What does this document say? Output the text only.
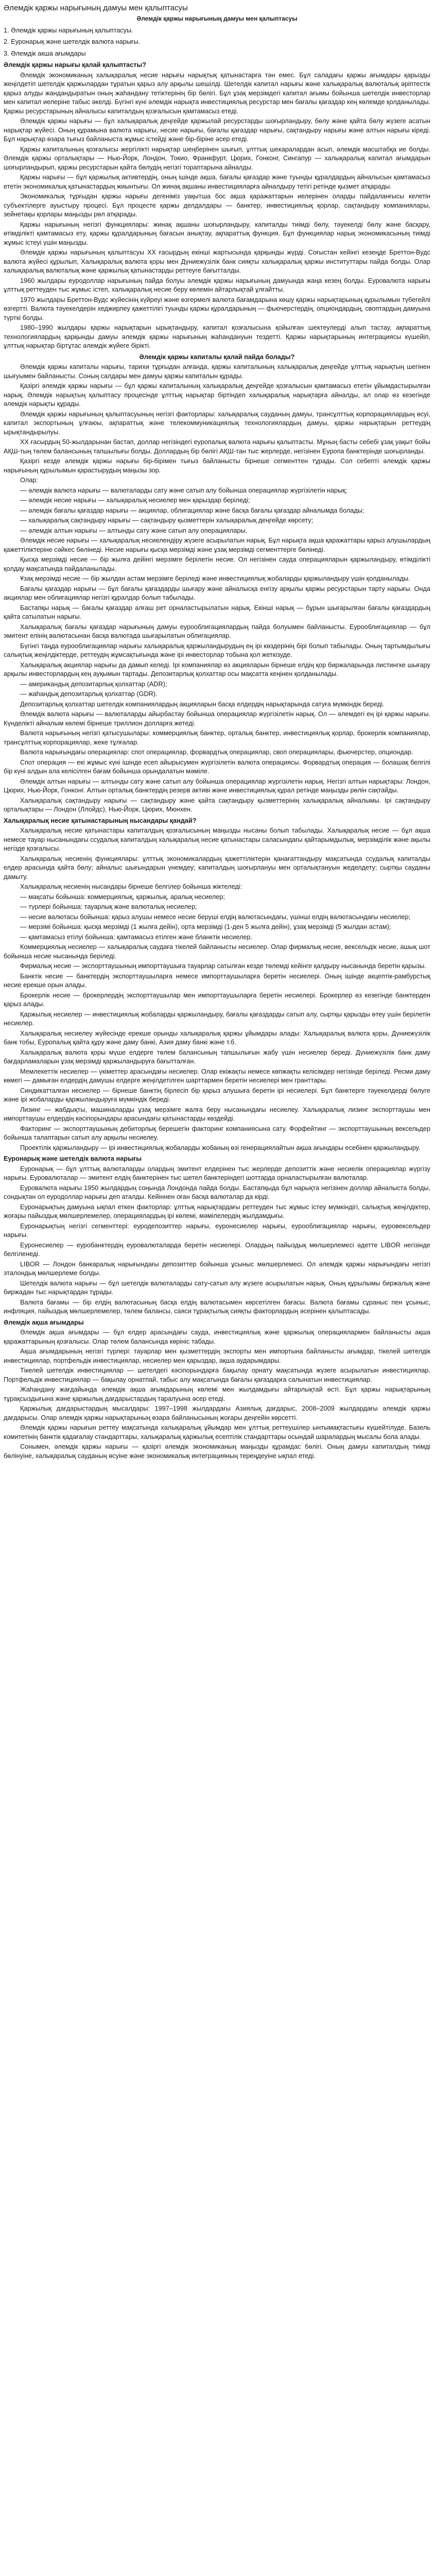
Әлемдік қаржы нарығының дамуы мен қалыптасуы
Әлемдік қаржы нарығының дамуы мен қалыптасуы
1. Әлемдік қаржы нарығының қалыптасуы.
2. Еуронарық және шетелдік валюта нарығы.
3. Әлемдік акша ағымдары
Әлемдік қаржы нарығы қалай қалыптасты?

Әлемдік экономиканың халықаралық несие нарығы нарықтық қатынастарға тән емес. Бұл саладағы қаржы ағымдары қарызды жеңілдетіп шетелдік қаржылардан тұратын қарыз алу арқылы шешілді. Шетелдік капитал нарығы және халықаралық валюталық әріптестік қарыз алуды жандандыратын оның жаһандану тетіктерінің бір бөлігі. Бұл ұзақ мерзімдегі капитал ағымы бойынша шетелдік инвесторлар мен капитал иелеріне табыс әкелді. Бүгінгі күні әлемдік нарықта инвестициялық ресурстар мен бағалы қағаздар кең көлемде қолданылады. Қаржы ресурстарының айналысы капиталдың қозғалысын қамтамасыз етеді.

Әлемдік қаржы нарығы — бұл халықаралық деңгейде қаржылай ресурстарды шоғырландыру, бөлу және қайта бөлу жүзеге асатын нарықтар жүйесі. Оның құрамына валюта нарығы, несие нарығы, бағалы қағаздар нарығы, сақтандыру нарығы және алтын нарығы кіреді. Бұл нарықтар өзара тығыз байланыста жұмыс істейді және бір-біріне әсер етеді.

Қаржы капиталының қозғалысы жергілікті нарықтар шеңберінен шығып, ұлттық шекаралардан асып, әлемдік масштабқа ие болды. Әлемдік қаржы орталықтары — Нью-Йорк, Лондон, Токио, Франкфурт, Цюрих, Гонконг, Сингапур — халықаралық капитал ағымдарын шоғырландырып, қаржы ресурстарын қайта бөлудің негізгі тораптарына айналды.

Қаржы нарығы — бұл қаржылық активтердің, оның ішінде ақша, бағалы қағаздар және туынды құралдардың айналысын қамтамасыз ететін экономикалық қатынастардың жиынтығы. Ол жинақ ақшаны инвестицияларға айналдыру тетігі ретінде қызмет атқарады.

Экономикалық тұрғыдан қаржы нарығы дегеніміз уақытша бос ақша қаражаттарын иелерінен оларды пайдаланғысы келетін субъектілерге ауыстыру процесі. Бұл процесте қаржы делдалдары — банктер, инвестициялық қорлар, сақтандыру компаниялары, зейнетақы қорлары маңызды рөл атқарады.

Қаржы нарығының негізгі функциялары: жинақ ақшаны шоғырландыру, капиталды тиімді бөлу, тәуекелді бөлу және басқару, өтімділікті қамтамасыз ету, қаржы құралдарының бағасын анықтау, ақпараттық функция. Бұл функциялар нарық экономикасының тиімді жұмыс істеуі үшін маңызды.

Әлемдік қаржы нарығының қалыптасуы XX ғасырдың екінші жартысында қарқынды жүрді. Соғыстан кейінгі кезеңде Бреттон-Вудс валюта жүйесі құрылып, Халықаралық валюта қоры мен Дүниежүзілік банк сияқты халықаралық қаржы институттары пайда болды. Олар халықаралық валюталық және қаржылық қатынастарды реттеуге бағытталды.

1960 жылдары еуродоллар нарығының пайда болуы әлемдік қаржы нарығының дамуында жаңа кезең болды. Еуровалюта нарығы ұлттық реттеуден тыс жұмыс істеп, халықаралық несие беру көлемін айтарлықтай ұлғайтты.

1970 жылдары Бреттон-Вудс жүйесінің күйреуі және өзгермелі валюта бағамдарына көшу қаржы нарықтарының құрылымын түбегейлі өзгертті. Валюта тәуекелдерін хеджирлеу қажеттілігі туынды қаржы құралдарының — фьючерстердің, опциондардың, своптардың дамуына түрткі болды.

1980–1990 жылдары қаржы нарықтарын ырықтандыру, капитал қозғалысына қойылған шектеулерді алып тастау, ақпараттық технологиялардың қарқынды дамуы әлемдік қаржы нарығының жаһандануын тездетті. Қаржы нарықтарының интеграциясы күшейіп, ұлттық нарықтар біртұтас әлемдік жүйеге бірікті.

Әлемдік қаржы капиталы қалай пайда болады?

Әлемдік қаржы капиталы нарығы, тарихи тұрғыдан алғанда, қаржы капиталының халықаралық деңгейде ұлттық нарықтың шегінен шығуымен байланысты. Соның салдары мен дамуы қаржы капиталын құрады.

Қазіргі әлемдік қаржы нарығы — бұл қаржы капиталының халықаралық деңгейде қозғалысын қамтамасыз ететін ұйымдастырылған нарық. Әлемдік нарықтың қалыптасу процесінде ұлттық нарықтар біртіндеп халықаралық нарықтарға айналды, ал олар өз кезегінде әлемдік нарықты құрады.

Әлемдік қаржы нарығының қалыптасуының негізгі факторлары: халықаралық сауданың дамуы, трансұлттық корпорациялардың өсуі, капитал экспортының ұлғаюы, ақпараттық және телекоммуникациялық технологиялардың дамуы, қаржы нарықтарын реттеудің ырықтандырылуы.

XX ғасырдың 50-жылдарынан бастап, доллар негізіндегі еуропалық валюта нарығы қалыптасты. Мұның басты себебі ұзақ уақыт бойы АҚШ-тың төлем балансының тапшылығы болды. Доллардың бір бөлігі АҚШ-тан тыс жерлерде, негізінен Еуропа банктерінде шоғырланды.

Қазіргі кезде әлемдік қаржы нарығы бір-бірімен тығыз байланысты бірнеше сегменттен тұрады. Сол себепті әлемдік қаржы нарығының құрылымын қарастырудың маңызы зор.

Олар:

— әлемдік валюта нарығы — валюталарды сату және сатып алу бойынша операциялар жүргізілетін нарық;

— әлемдік несие нарығы — халықаралық несиелер мен қарыздар беріледі;

— әлемдік бағалы қағаздар нарығы — акциялар, облигациялар және басқа бағалы қағаздар айналымда болады;

— халықаралық сақтандыру нарығы — сақтандыру қызметтерін халықаралық деңгейде көрсету;

— әлемдік алтын нарығы — алтынды сату және сатып алу операциялары.

Әлемдік несие нарығы — халықаралық несиелендіру жүзеге асырылатын нарық. Бұл нарықта ақша қаражаттары қарыз алушылардың қажеттіліктеріне сәйкес бөлінеді. Несие нарығы қысқа мерзімді және ұзақ мерзімді сегменттерге бөлінеді.

Қысқа мерзімді несие — бір жылға дейінгі мерзімге берілетін несие. Ол негізінен сауда операцияларын қаржыландыру, өтімділікті қолдау мақсатында пайдаланылады.

Ұзақ мерзімді несие — бір жылдан астам мерзімге беріледі және инвестициялық жобаларды қаржыландыру үшін қолданылады.

Бағалы қағаздар нарығы — бұл бағалы қағаздарды шығару және айналысқа енгізу арқылы қаржы ресурстарын тарту нарығы. Онда акциялар мен облигациялар негізгі құралдар болып табылады.

Бастапқы нарық — бағалы қағаздар алғаш рет орналастырылатын нарық. Екінші нарық — бұрын шығарылған бағалы қағаздардың қайта сатылатын нарығы.

Халықаралық бағалы қағаздар нарығының дамуы еурооблигациялардың пайда болуымен байланысты. Еурооблигациялар — бұл эмитент елінің валютасынан басқа валютада шығарылатын облигациялар.

Бүгінгі таңда еурооблигациялар нарығы халықаралық қаржыландырудың ең ірі көздерінің бірі болып табылады. Оның тартымдылығы салықтық жеңілдіктерде, реттеудің жұмсақтығында және ірі инвесторлар тобына қол жеткізуде.

Халықаралық акциялар нарығы да дамып келеді. Ірі компаниялар өз акцияларын бірнеше елдің қор биржаларында листингке шығару арқылы инвесторлардың кең ауқымын тартады. Депозитарлық қолхаттар осы мақсатта кеңінен қолданылады.

— американдық депозитарлық қолхаттар (ADR);

— жаһандық депозитарлық қолхаттар (GDR).

Депозитарлық қолхаттар шетелдік компаниялардың акцияларын басқа елдердің нарықтарында сатуға мүмкіндік береді.

Әлемдік валюта нарығы — валюталарды айырбастау бойынша операциялар жүргізілетін нарық. Ол — әлемдегі ең ірі қаржы нарығы. Күнделікті айналым көлемі бірнеше триллион долларға жетеді.

Валюта нарығының негізгі қатысушылары: коммерциялық банктер, орталық банктер, инвестициялық қорлар, брокерлік компаниялар, трансұлттық корпорациялар, жеке тұлғалар.

Валюта нарығындағы операциялар: спот операциялар, форвардтық операциялар, своп операциялары, фьючерстер, опциондар.

Спот операция — екі жұмыс күні ішінде есеп айырысумен жүргізілетін валюта операциясы. Форвардтық операция — болашақ белгілі бір күні алдын ала келісілген бағам бойынша орындалатын мәміле.

Әлемдік алтын нарығы — алтынды сату және сатып алу бойынша операциялар жүргізілетін нарық. Негізгі алтын нарықтары: Лондон, Цюрих, Нью-Йорк, Гонконг. Алтын орталық банктердің резерв активі және инвестициялық құрал ретінде маңызды рөлін сақтайды.

Халықаралық сақтандыру нарығы — сақтандыру және қайта сақтандыру қызметтерінің халықаралық айналымы. Ірі сақтандыру орталықтары — Лондон (Ллойдс), Нью-Йорк, Цюрих, Мюнхен.

Халықаралық несие қатынастарының нысандары қандай?

Халықаралық несие қатынастары капиталдың қозғалысының маңызды нысаны болып табылады. Халықаралық несие — бұл ақша немесе тауар нысанындағы ссудалық капиталдың халықаралық несие қатынастары саласындағы қайтарымдылық, мерзімділік және ақылы негізде қозғалысы.

Халықаралық несиенің функциялары: ұлттық экономикалардың қажеттіліктерін қанағаттандыру мақсатында ссудалық капиталды елдер арасында қайта бөлу; айналыс шығындарын үнемдеу; капиталдың шоғырлануы мен орталықтануын жеделдету; сыртқы сауданы дамыту.

Халықаралық несиенің нысандары бірнеше белгілер бойынша жіктеледі:

— мақсаты бойынша: коммерциялық, қаржылық, аралық несиелер;

— түрлері бойынша: тауарлық және валюталық несиелер;

— несие валютасы бойынша: қарыз алушы немесе несие беруші елдің валютасындағы, үшінші елдің валютасындағы несиелер;

— мерзімі бойынша: қысқа мерзімді (1 жылға дейін), орта мерзімді (1-ден 5 жылға дейін), ұзақ мерзімді (5 жылдан астам);

— қамтамасыз етілуі бойынша: қамтамасыз етілген және бланктік несиелер.

Коммерциялық несиелер — халықаралық саудаға тікелей байланысты несиелер. Олар фирмалық несие, вексельдік несие, ашық шот бойынша несие нысанында беріледі.

Фирмалық несие — экспорттаушының импорттаушыға тауарлар сатылған кезде төлемді кейінге қалдыру нысанында беретін қарызы.

Банктік несие — банктердің экспорттаушыларға немесе импорттаушыларға беретін несиелері. Оның ішінде акцептік-рамбурстық несие ерекше орын алады.

Брокерлік несие — брокерлердің экспорттаушылар мен импорттаушыларға беретін несиелері. Брокерлер өз кезегінде банктерден қарыз алады.

Қаржылық несиелер — инвестициялық жобаларды қаржыландыру, бағалы қағаздарды сатып алу, сыртқы қарызды өтеу үшін берілетін несиелер.

Халықаралық несиелеу жүйесінде ерекше орынды халықаралық қаржы ұйымдары алады: Халықаралық валюта қоры, Дүниежүзілік банк тобы, Еуропалық қайта құру және даму банкі, Азия даму банкі және т.б.

Халықаралық валюта қоры мүше елдерге төлем балансының тапшылығын жабу үшін несиелер береді. Дүниежүзілік банк даму бағдарламаларын ұзақ мерзімді қаржыландыруға бағытталған.

Мемлекеттік несиелер — үкіметтер арасындағы несиелер. Олар екіжақты немесе көпжақты келісімдер негізінде беріледі. Ресми даму көмегі — дамыған елдердің дамушы елдерге жеңілдетілген шарттармен беретін несиелері мен гранттары.

Синдикатталған несиелер — бірнеше банктің бірлесіп бір қарыз алушыға беретін ірі несиелері. Бұл банктерге тәуекелдерді бөлуге және ірі жобаларды қаржыландыруға мүмкіндік береді.

Лизинг — жабдықты, машиналарды ұзақ мерзімге жалға беру нысанындағы несиелеу. Халықаралық лизинг экспорттаушы мен импорттаушы елдердің кәсіпорындары арасындағы қатынастарды көздейді.

Факторинг — экспорттаушының дебиторлық берешегін факторинг компаниясына сату. Форфейтинг — экспорттаушының вексельдер бойынша талаптарын сатып алу арқылы несиелеу.

Проектілік қаржыландыру — ірі инвестициялық жобаларды жобаның өзі генерациялайтын ақша ағындары есебінен қаржыландыру.

Еуронарық және шетелдік валюта нарығы

Еуронарық — бұл ұлттық валюталарды олардың эмитент елдерінен тыс жерлерде депозиттік және несиелік операциялар жүргізу нарығы. Еуровалюталар — эмитент елдің банктерінен тыс шетел банктеріндегі шоттарда орналастырылған валюталар.

Еуровалюта нарығы 1950 жылдардың соңында Лондонда пайда болды. Бастапқыда бұл нарықта негізінен доллар айналыста болды, сондықтан ол еуродоллар нарығы деп аталды. Кейіннен оған басқа валюталар да кірді.

Еуронарықтың дамуына ықпал еткен факторлар: ұлттық нарықтардағы реттеуден тыс жұмыс істеу мүмкіндігі, салықтық жеңілдіктер, жоғары пайыздық мөлшерлемелер, операциялардың ірі көлемі, мәмілелердің жылдамдығы.

Еуронарықтың негізгі сегменттері: еуродепозиттер нарығы, еуронесиелер нарығы, еурооблигациялар нарығы, еуровексельдер нарығы.

Еуронесиелер — еуробанктердің еуровалюталарда беретін несиелері. Олардың пайыздық мөлшерлемесі әдетте LIBOR негізінде белгіленеді.

LIBOR — Лондон банкаралық нарығындағы депозиттер бойынша ұсыныс мөлшерлемесі. Ол әлемдік қаржы нарығындағы негізгі эталондық мөлшерлеме болды.

Шетелдік валюта нарығы — бұл шетелдік валюталарды сату-сатып алу жүзеге асырылатын нарық. Оның құрылымы биржалық және биржадан тыс нарықтардан тұрады.

Валюта бағамы — бір елдің валютасының басқа елдің валютасымен көрсетілген бағасы. Валюта бағамы сұраныс пен ұсыныс, инфляция, пайыздық мөлшерлемелер, төлем балансы, саяси тұрақтылық сияқты факторлардың әсерінен қалыптасады.

Әлемдік ақша ағымдары

Әлемдік ақша ағымдары — бұл елдер арасындағы сауда, инвестициялық және қаржылық операциялармен байланысты ақша қаражаттарының қозғалысы. Олар төлем балансында көрініс табады.

Ақша ағымдарының негізгі түрлері: тауарлар мен қызметтердің экспорты мен импортына байланысты ағымдар, тікелей шетелдік инвестициялар, портфельдік инвестициялар, несиелер мен қарыздар, ақша аударымдары.

Тікелей шетелдік инвестициялар — шетелдегі кәсіпорындарға бақылау орнату мақсатында жүзеге асырылатын инвестициялар. Портфельдік инвестициялар — бақылау орнатпай, табыс алу мақсатында бағалы қағаздарға салынатын инвестициялар.

Жаһандану жағдайында әлемдік ақша ағымдарының көлемі мен жылдамдығы айтарлықтай өсті. Бұл қаржы нарықтарының тұрақсыздығына және қаржылық дағдарыстардың таралуына әсер етеді.

Қаржылық дағдарыстардың мысалдары: 1997–1998 жылдардағы Азиялық дағдарыс, 2008–2009 жылдардағы әлемдік қаржы дағдарысы. Олар әлемдік қаржы нарықтарының өзара байланысының жоғары деңгейін көрсетті.

Әлемдік қаржы нарығын реттеу мақсатында халықаралық ұйымдар мен ұлттық реттеушілер ынтымақтастығы күшейтілуде. Базель комитетінің банктік қадағалау стандарттары, халықаралық қаржылық есептілік стандарттары осындай шаралардың мысалы бола алады.

Сонымен, әлемдік қаржы нарығы — қазіргі әлемдік экономиканың маңызды құрамдас бөлігі. Оның дамуы капиталдың тиімді бөлінуіне, халықаралық сауданың өсуіне және экономикалық интеграцияның тереңдеуіне ықпал етеді.
